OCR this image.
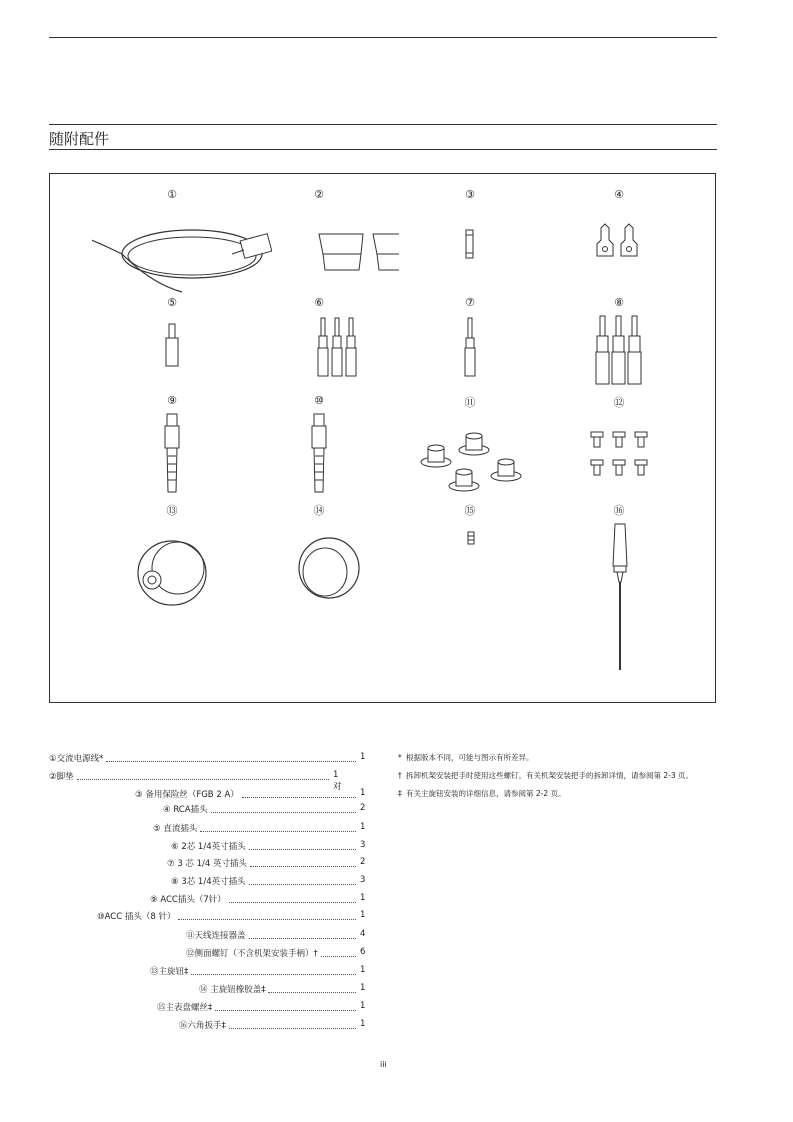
随附配件
①	②	③	④
⑤	⑥	⑦	⑧
⑨	⑩	⑪	⑫
⑬	⑭	⑮	⑯
①交流电源线*	1
②脚垫	1对
③ 备用保险丝（FGB 2 A）	1
④ RCA插头	2
⑤ 直流插头	1
⑥ 2芯 1/4英寸插头	3
⑦ 3 芯 1/4 英寸插头	2
⑧ 3芯 1/4英寸插头	3
⑨ ACC插头（7针）	1
⑩ACC 插头（8 针）	1
⑪天线连接器盖	4
⑫侧面螺钉（不含机架安装手柄）†	6
⑬主旋钮‡	1
⑭ 主旋钮橡胶盖‡	1
⑮主表盘螺丝‡	1
⑯六角扳手‡	1
* 根据版本不同，可能与图示有所差异。
† 拆卸机架安装把手时使用这些螺钉。有关机架安装把手的拆卸详情，请参阅第 2-3 页。
‡ 有关主旋钮安装的详细信息，请参阅第 2-2 页。
iii
